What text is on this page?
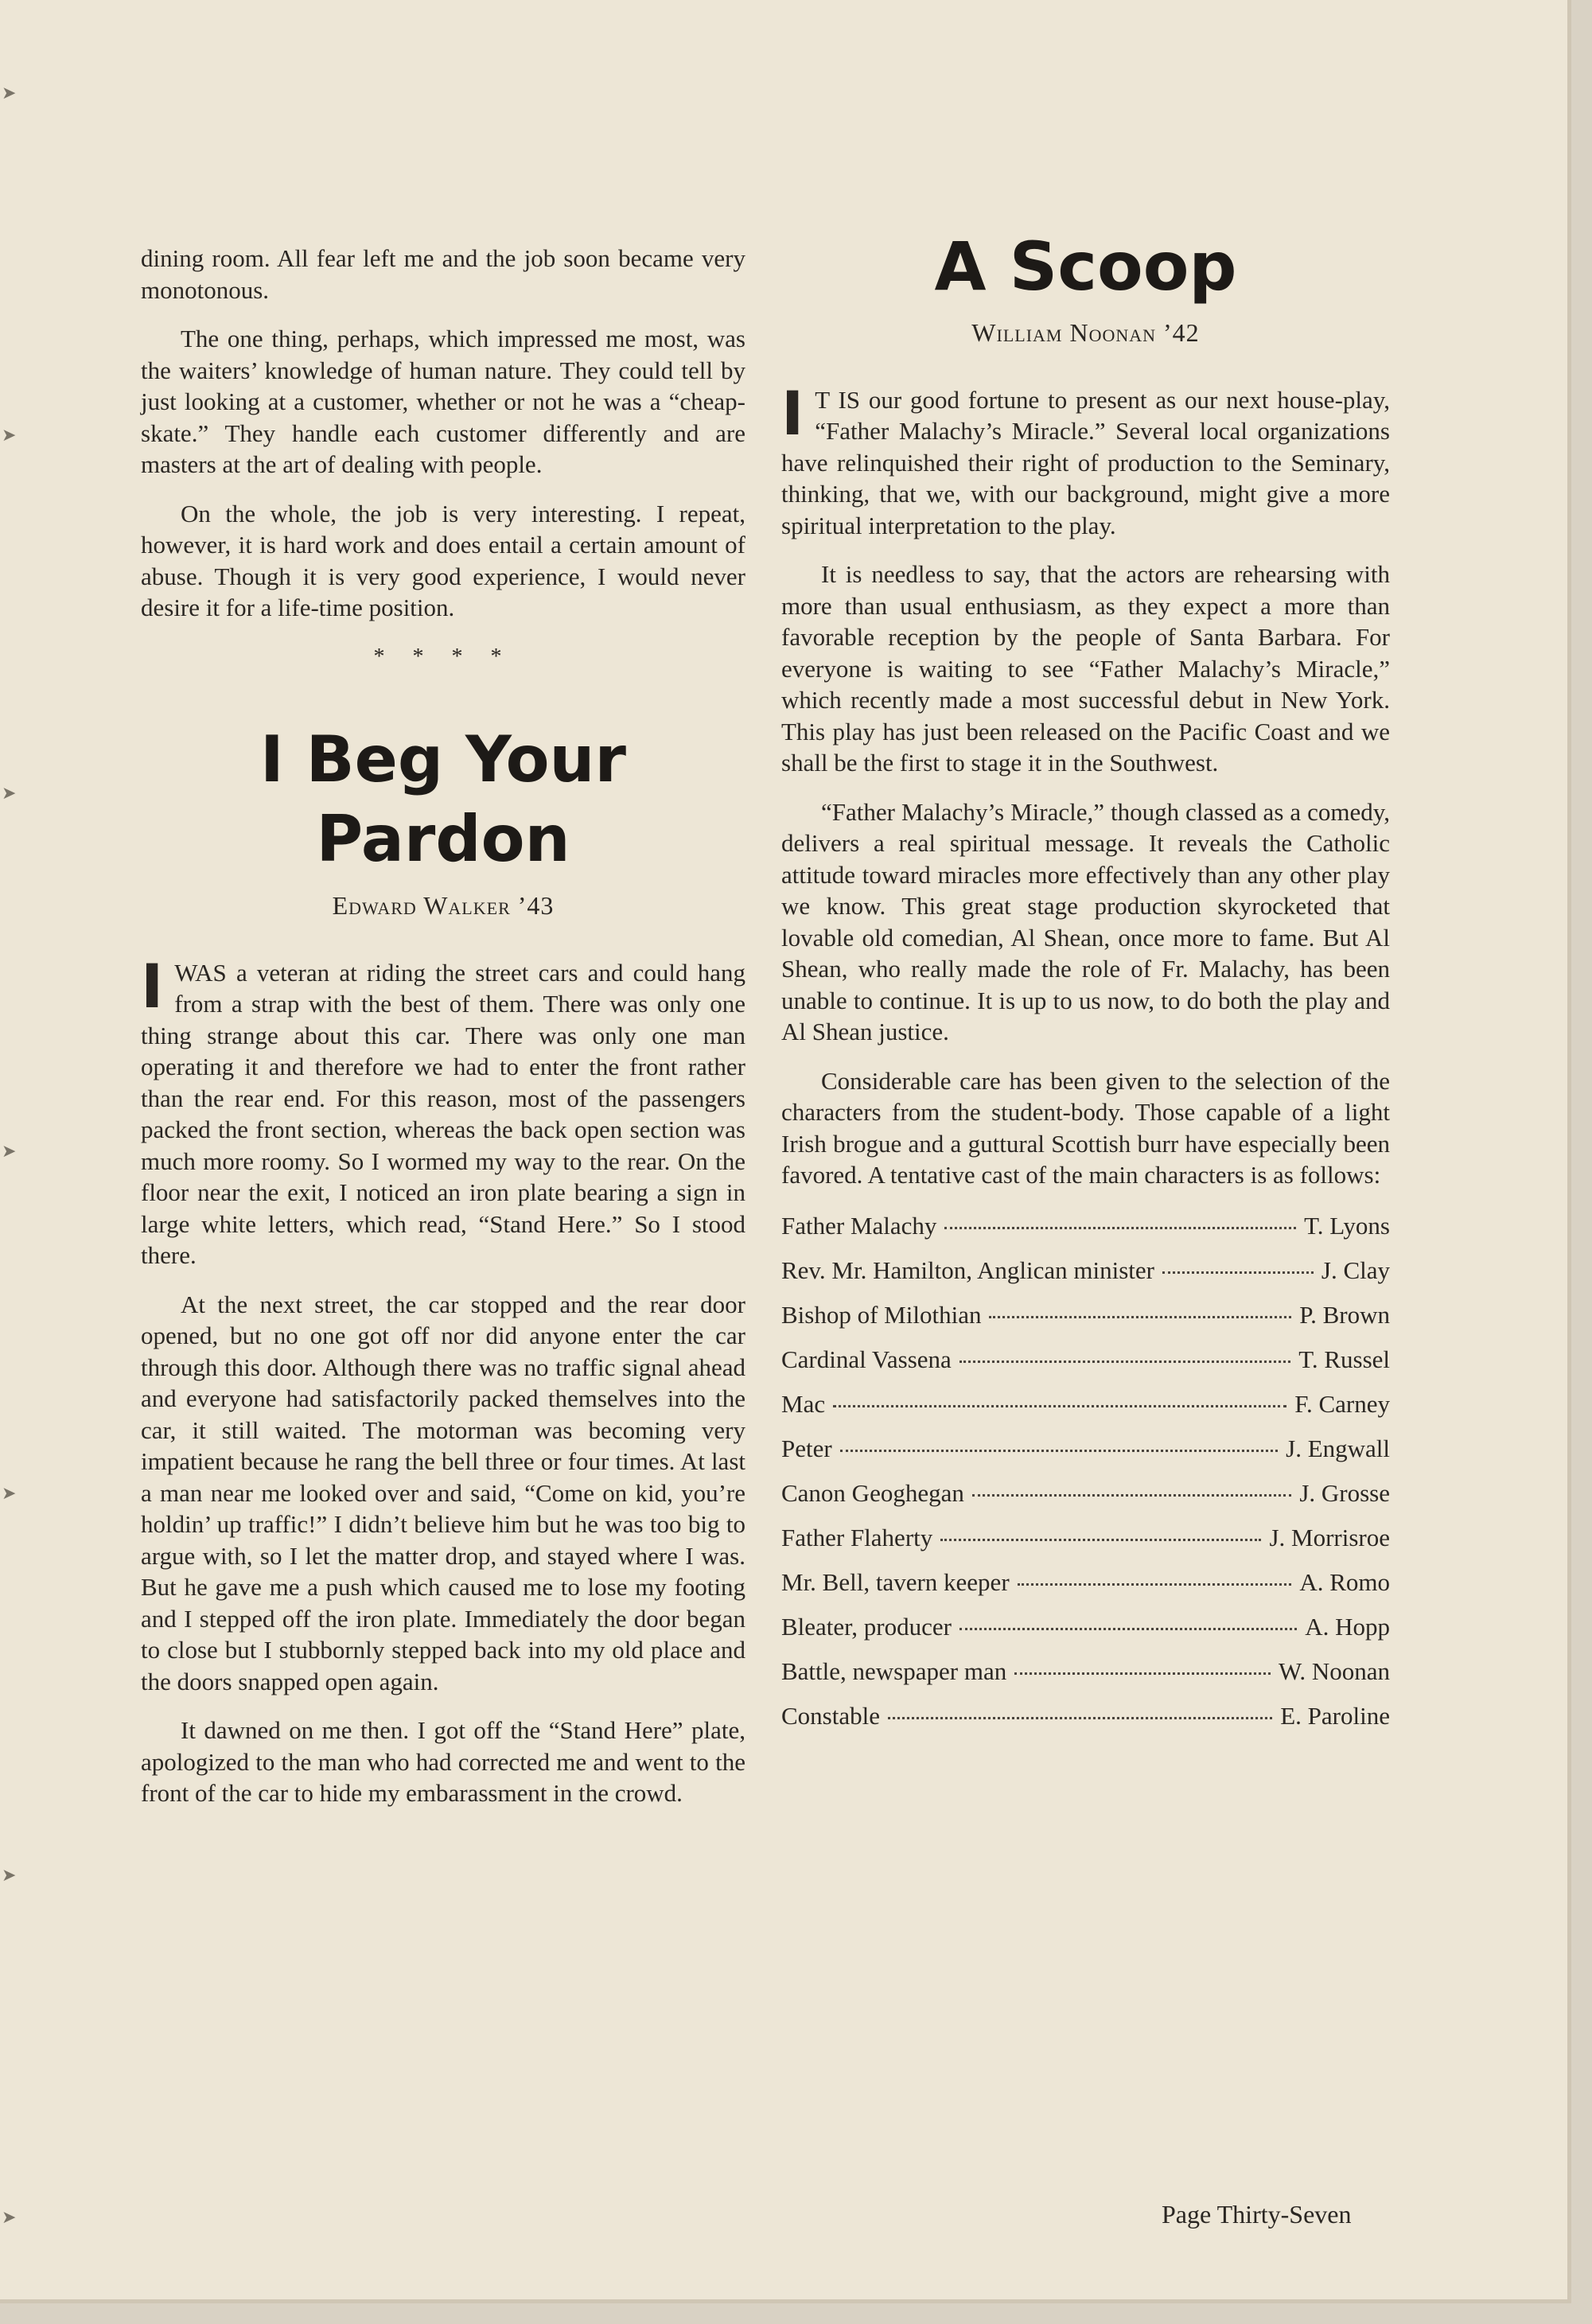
➤
➤
➤
➤
➤
➤
➤

dining room. All fear left me and the job soon became very monotonous.

The one thing, perhaps, which impressed me most, was the waiters’ knowledge of human nature. They could tell by just looking at a customer, whether or not he was a “cheap-skate.” They handle each customer differently and are masters at the art of dealing with people.

On the whole, the job is very interesting. I repeat, however, it is hard work and does entail a certain amount of abuse. Though it is very good experience, I would never desire it for a life-time position.

* * * *
I Beg Your Pardon
Edward Walker ’43

IWAS a veteran at riding the street cars and could hang from a strap with the best of them. There was only one thing strange about this car. There was only one man operating it and therefore we had to enter the front rather than the rear end. For this reason, most of the passengers packed the front section, whereas the back open section was much more roomy. So I wormed my way to the rear. On the floor near the exit, I noticed an iron plate bearing a sign in large white letters, which read, “Stand Here.” So I stood there.

At the next street, the car stopped and the rear door opened, but no one got off nor did anyone enter the car through this door. Although there was no traffic signal ahead and everyone had satisfactorily packed themselves into the car, it still waited. The motorman was becoming very impatient because he rang the bell three or four times. At last a man near me looked over and said, “Come on kid, you’re holdin’ up traffic!” I didn’t believe him but he was too big to argue with, so I let the matter drop, and stayed where I was. But he gave me a push which caused me to lose my footing and I stepped off the iron plate. Immediately the door began to close but I stubbornly stepped back into my old place and the doors snapped open again.

It dawned on me then. I got off the “Stand Here” plate, apologized to the man who had corrected me and went to the front of the car to hide my embarassment in the crowd.

A Scoop
William Noonan ’42

I T IS our good fortune to present as our next house-play, “Father Malachy’s Miracle.” Several local organizations have relinquished their right of production to the Seminary, thinking, that we, with our background, might give a more spiritual interpretation to the play.

It is needless to say, that the actors are rehearsing with more than usual enthusiasm, as they expect a more than favorable reception by the people of Santa Barbara. For everyone is waiting to see “Father Malachy’s Miracle,” which recently made a most successful debut in New York. This play has just been released on the Pacific Coast and we shall be the first to stage it in the Southwest.

“Father Malachy’s Miracle,” though classed as a comedy, delivers a real spiritual message. It reveals the Catholic attitude toward miracles more effectively than any other play we know. This great stage production skyrocketed that lovable old comedian, Al Shean, once more to fame. But Al Shean, who really made the role of Fr. Malachy, has been unable to continue. It is up to us now, to do both the play and Al Shean justice.

Considerable care has been given to the selection of the characters from the student-body. Those capable of a light Irish brogue and a guttural Scottish burr have especially been favored. A tentative cast of the main characters is as follows:

Father Malachy	T. Lyons
Rev. Mr. Hamilton, Anglican minister	J. Clay
Bishop of Milothian	P. Brown
Cardinal Vassena	T. Russel
Mac	F. Carney
Peter	J. Engwall
Canon Geoghegan	J. Grosse
Father Flaherty	J. Morrisroe
Mr. Bell, tavern keeper	A. Romo
Bleater, producer	A. Hopp
Battle, newspaper man	W. Noonan
Constable	E. Paroline
Page Thirty-Seven
